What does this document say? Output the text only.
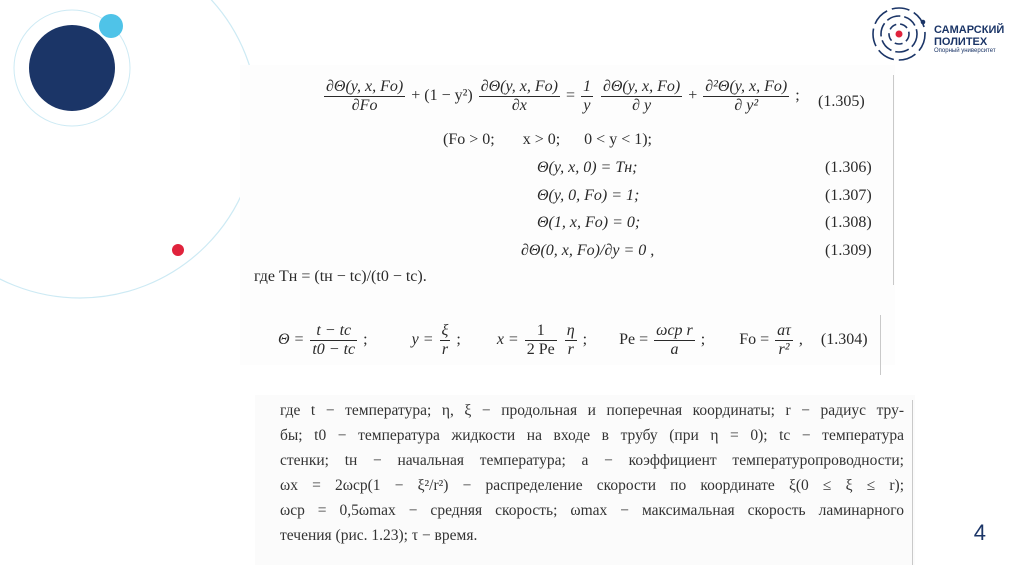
САМАРСКИЙ
ПОЛИТЕХ
Опорный университет
$\frac{\partial\Theta(y, x, Fo)}{\partial Fo} + (1 - y^2) \frac{\partial\Theta(y, x, Fo)}{\partial x} = \frac{1}{y}$
$\frac{\partial\Theta(y, x, Fo)}{\partial y} + \frac{\text{∂²Θ(y, x, Fo)}}{\text{∂ y²}}$ ; (1.305)
(Fo > 0;       x > 0;      0 < y < 1);
Θ(y, x, 0) = Tн;	(1.306)
Θ(y, 0, Fo) = 1;	(1.307)
Θ(1, x, Fo) = 0;	(1.308)
∂Θ(0, x, Fo)/∂y = 0 ,	(1.309)
где Tн = (tн − tс)/(t0 − tс).
$\Theta = \frac{t - tс}{t0 - tс}$ ;	$y = \frac{\xi}{r}$ ; $x = \frac{1}{2 Pe}$
$\frac{\eta}{r}$ ; $Pe = \frac{\text{ωср r}}{a}$ ; $Fo = \frac{a\tau}{\text{r²}}$ , (1.304)
где t − температура; η, ξ − продольная и поперечная координаты; r − радиус тру-
бы; t0 − температура жидкости на входе в трубу (при η = 0); tс − температура
стенки; tн − начальная температура; a − коэффициент температуропроводности;
ωx = 2ωср(1 − ξ²/r²) − распределение скорости по координате ξ(0 ≤ ξ ≤ r);
ωср = 0,5ωmax − средняя скорость; ωmax − максимальная скорость ламинарного
течения (рис. 1.23); τ − время.	4
